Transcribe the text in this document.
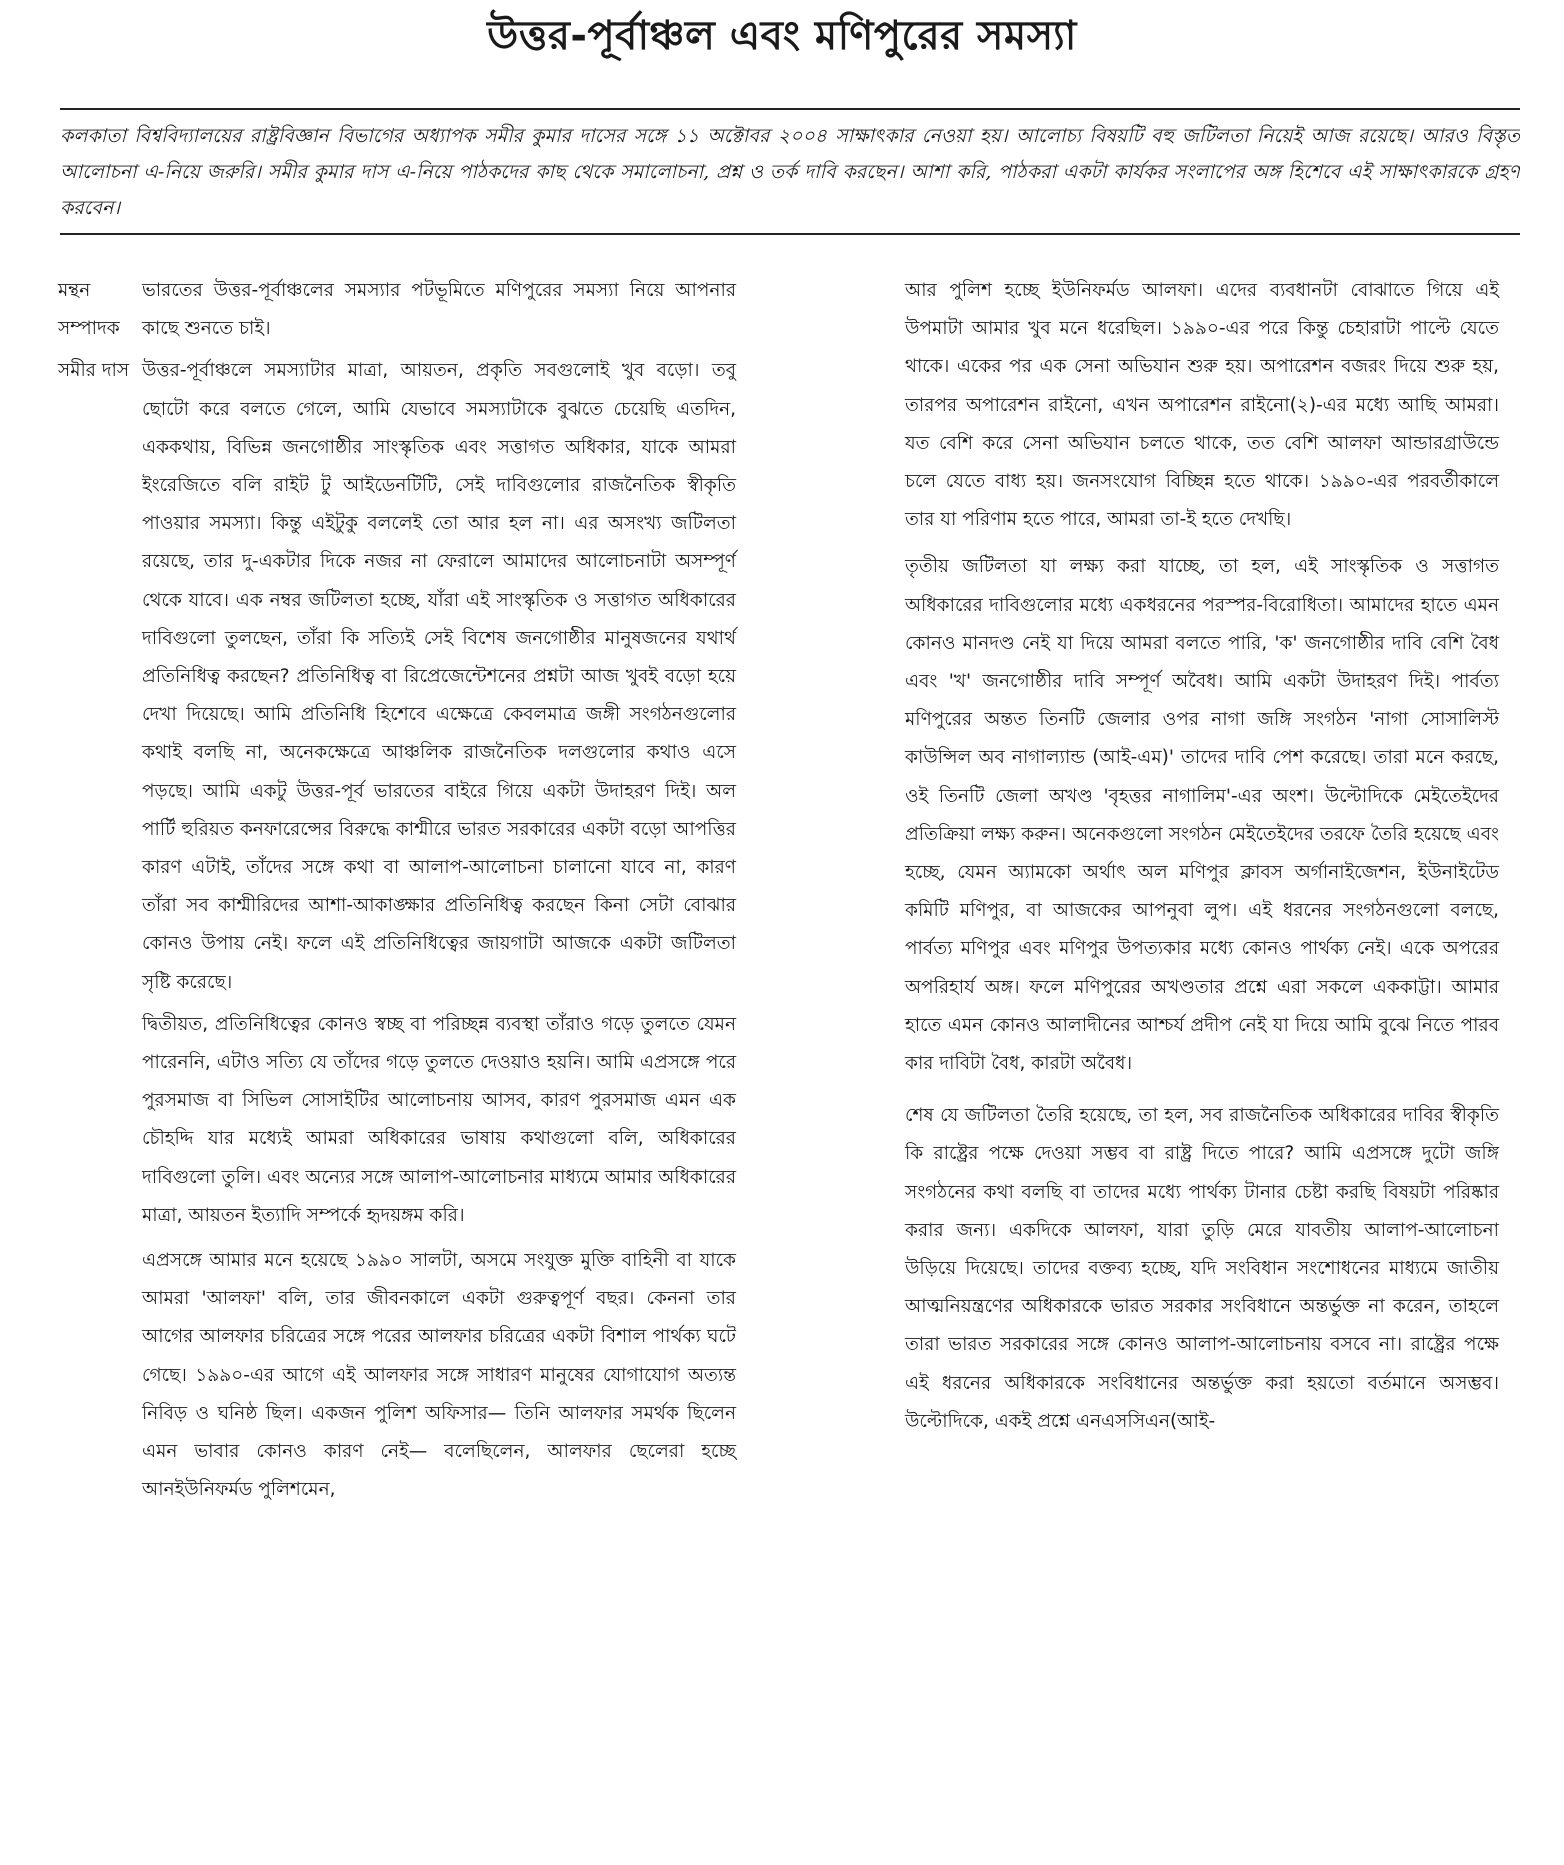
উত্তর-পূর্বাঞ্চল এবং মণিপুরের সমস্যা
কলকাতা বিশ্ববিদ্যালয়ের রাষ্ট্রবিজ্ঞান বিভাগের অধ্যাপক সমীর কুমার দাসের সঙ্গে ১১ অক্টোবর ২০০৪ সাক্ষাৎকার নেওয়া হয়। আলোচ্য বিষয়টি বহু জটিলতা নিয়েই আজ রয়েছে। আরও বিস্তৃত আলোচনা এ-নিয়ে জরুরি। সমীর কুমার দাস এ-নিয়ে পাঠকদের কাছ থেকে সমালোচনা, প্রশ্ন ও তর্ক দাবি করছেন। আশা করি, পাঠকরা একটা কার্যকর সংলাপের অঙ্গ হিশেবে এই সাক্ষাৎকারকে গ্রহণ করবেন।
মন্থন সম্পাদক
ভারতের উত্তর-পূর্বাঞ্চলের সমস্যার পটভূমিতে মণিপুরের সমস্যা নিয়ে আপনার কাছে শুনতে চাই।
সমীর দাস উত্তর-পূর্বাঞ্চলে সমস্যাটার মাত্রা, আয়তন, প্রকৃতি সবগুলোই খুব বড়ো। তবু ছোটো করে বলতে গেলে, আমি যেভাবে সমস্যাটাকে বুঝতে চেয়েছি এতদিন, এককথায়, বিভিন্ন জনগোষ্ঠীর সাংস্কৃতিক এবং সত্তাগত অধিকার, যাকে আমরা ইংরেজিতে বলি রাইট টু আইডেনটিটি, সেই দাবিগুলোর রাজনৈতিক স্বীকৃতি পাওয়ার সমস্যা। কিন্তু এইটুকু বললেই তো আর হল না। এর অসংখ্য জটিলতা রয়েছে, তার দু-একটার দিকে নজর না ফেরালে আমাদের আলোচনাটা অসম্পূর্ণ থেকে যাবে। এক নম্বর জটিলতা হচ্ছে, যাঁরা এই সাংস্কৃতিক ও সত্তাগত অধিকারের দাবিগুলো তুলছেন, তাঁরা কি সত্যিই সেই বিশেষ জনগোষ্ঠীর মানুষজনের যথার্থ প্রতিনিধিত্ব করছেন? প্রতিনিধিত্ব বা রিপ্রেজেন্টেশনের প্রশ্নটা আজ খুবই বড়ো হয়ে দেখা দিয়েছে। আমি প্রতিনিধি হিশেবে এক্ষেত্রে কেবলমাত্র জঙ্গী সংগঠনগুলোর কথাই বলছি না, অনেকক্ষেত্রে আঞ্চলিক রাজনৈতিক দলগুলোর কথাও এসে পড়ছে। আমি একটু উত্তর-পূর্ব ভারতের বাইরে গিয়ে একটা উদাহরণ দিই। অল পার্টি হুরিয়ত কনফারেন্সের বিরুদ্ধে কাশ্মীরে ভারত সরকারের একটা বড়ো আপত্তির কারণ এটাই, তাঁদের সঙ্গে কথা বা আলাপ-আলোচনা চালানো যাবে না, কারণ তাঁরা সব কাশ্মীরিদের আশা-আকাঙ্ক্ষার প্রতিনিধিত্ব করছেন কিনা সেটা বোঝার কোনও উপায় নেই। ফলে এই প্রতিনিধিত্বের জায়গাটা আজকে একটা জটিলতা সৃষ্টি করেছে।

দ্বিতীয়ত, প্রতিনিধিত্বের কোনও স্বচ্ছ বা পরিচ্ছন্ন ব্যবস্থা তাঁরাও গড়ে তুলতে যেমন পারেননি, এটাও সত্যি যে তাঁদের গড়ে তুলতে দেওয়াও হয়নি। আমি এপ্রসঙ্গে পরে পুরসমাজ বা সিভিল সোসাইটির আলোচনায় আসব, কারণ পুরসমাজ এমন এক চৌহদ্দি যার মধ্যেই আমরা অধিকারের ভাষায় কথাগুলো বলি, অধিকারের দাবিগুলো তুলি। এবং অন্যের সঙ্গে আলাপ-আলোচনার মাধ্যমে আমার অধিকারের মাত্রা, আয়তন ইত্যাদি সম্পর্কে হৃদয়ঙ্গম করি।

এপ্রসঙ্গে আমার মনে হয়েছে ১৯৯০ সালটা, অসমে সংযুক্ত মুক্তি বাহিনী বা যাকে আমরা 'আলফা' বলি, তার জীবনকালে একটা গুরুত্বপূর্ণ বছর। কেননা তার আগের আলফার চরিত্রের সঙ্গে পরের আলফার চরিত্রের একটা বিশাল পার্থক্য ঘটে গেছে। ১৯৯০-এর আগে এই আলফার সঙ্গে সাধারণ মানুষের যোগাযোগ অত্যন্ত নিবিড় ও ঘনিষ্ঠ ছিল। একজন পুলিশ অফিসার— তিনি আলফার সমর্থক ছিলেন এমন ভাবার কোনও কারণ নেই— বলেছিলেন, আলফার ছেলেরা হচ্ছে আনইউনিফর্মড পুলিশমেন,

আর পুলিশ হচ্ছে ইউনিফর্মড আলফা। এদের ব্যবধানটা বোঝাতে গিয়ে এই উপমাটা আমার খুব মনে ধরেছিল। ১৯৯০-এর পরে কিন্তু চেহারাটা পাল্টে যেতে থাকে। একের পর এক সেনা অভিযান শুরু হয়। অপারেশন বজরং দিয়ে শুরু হয়, তারপর অপারেশন রাইনো, এখন অপারেশন রাইনো(২)-এর মধ্যে আছি আমরা। যত বেশি করে সেনা অভিযান চলতে থাকে, তত বেশি আলফা আন্ডারগ্রাউন্ডে চলে যেতে বাধ্য হয়। জনসংযোগ বিচ্ছিন্ন হতে থাকে। ১৯৯০-এর পরবর্তীকালে তার যা পরিণাম হতে পারে, আমরা তা-ই হতে দেখছি।

তৃতীয় জটিলতা যা লক্ষ্য করা যাচ্ছে, তা হল, এই সাংস্কৃতিক ও সত্তাগত অধিকারের দাবিগুলোর মধ্যে একধরনের পরস্পর-বিরোধিতা। আমাদের হাতে এমন কোনও মানদণ্ড নেই যা দিয়ে আমরা বলতে পারি, 'ক' জনগোষ্ঠীর দাবি বেশি বৈধ এবং 'খ' জনগোষ্ঠীর দাবি সম্পূর্ণ অবৈধ। আমি একটা উদাহরণ দিই। পার্বত্য মণিপুরের অন্তত তিনটি জেলার ওপর নাগা জঙ্গি সংগঠন 'নাগা সোসালিস্ট কাউন্সিল অব নাগাল্যান্ড (আই-এম)' তাদের দাবি পেশ করেছে। তারা মনে করছে, ওই তিনটি জেলা অখণ্ড 'বৃহত্তর নাগালিম'-এর অংশ। উল্টোদিকে মেইতেইদের প্রতিক্রিয়া লক্ষ্য করুন। অনেকগুলো সংগঠন মেইতেইদের তরফে তৈরি হয়েছে এবং হচ্ছে, যেমন অ্যামকো অর্থাৎ অল মণিপুর ক্লাবস অর্গানাইজেশন, ইউনাইটেড কমিটি মণিপুর, বা আজকের আপনুবা লুপ। এই ধরনের সংগঠনগুলো বলছে, পার্বত্য মণিপুর এবং মণিপুর উপত্যকার মধ্যে কোনও পার্থক্য নেই। একে অপরের অপরিহার্য অঙ্গ। ফলে মণিপুরের অখণ্ডতার প্রশ্নে এরা সকলে এককাট্টা। আমার হাতে এমন কোনও আলাদীনের আশ্চর্য প্রদীপ নেই যা দিয়ে আমি বুঝে নিতে পারব কার দাবিটা বৈধ, কারটা অবৈধ।

শেষ যে জটিলতা তৈরি হয়েছে, তা হল, সব রাজনৈতিক অধিকারের দাবির স্বীকৃতি কি রাষ্ট্রের পক্ষে দেওয়া সম্ভব বা রাষ্ট্র দিতে পারে? আমি এপ্রসঙ্গে দুটো জঙ্গি সংগঠনের কথা বলছি বা তাদের মধ্যে পার্থক্য টানার চেষ্টা করছি বিষয়টা পরিষ্কার করার জন্য। একদিকে আলফা, যারা তুড়ি মেরে যাবতীয় আলাপ-আলোচনা উড়িয়ে দিয়েছে। তাদের বক্তব্য হচ্ছে, যদি সংবিধান সংশোধনের মাধ্যমে জাতীয় আত্মনিয়ন্ত্রণের অধিকারকে ভারত সরকার সংবিধানে অন্তর্ভুক্ত না করেন, তাহলে তারা ভারত সরকারের সঙ্গে কোনও আলাপ-আলোচনায় বসবে না। রাষ্ট্রের পক্ষে এই ধরনের অধিকারকে সংবিধানের অন্তর্ভুক্ত করা হয়তো বর্তমানে অসম্ভব। উল্টোদিকে, একই প্রশ্নে এনএসসিএন(আই-
